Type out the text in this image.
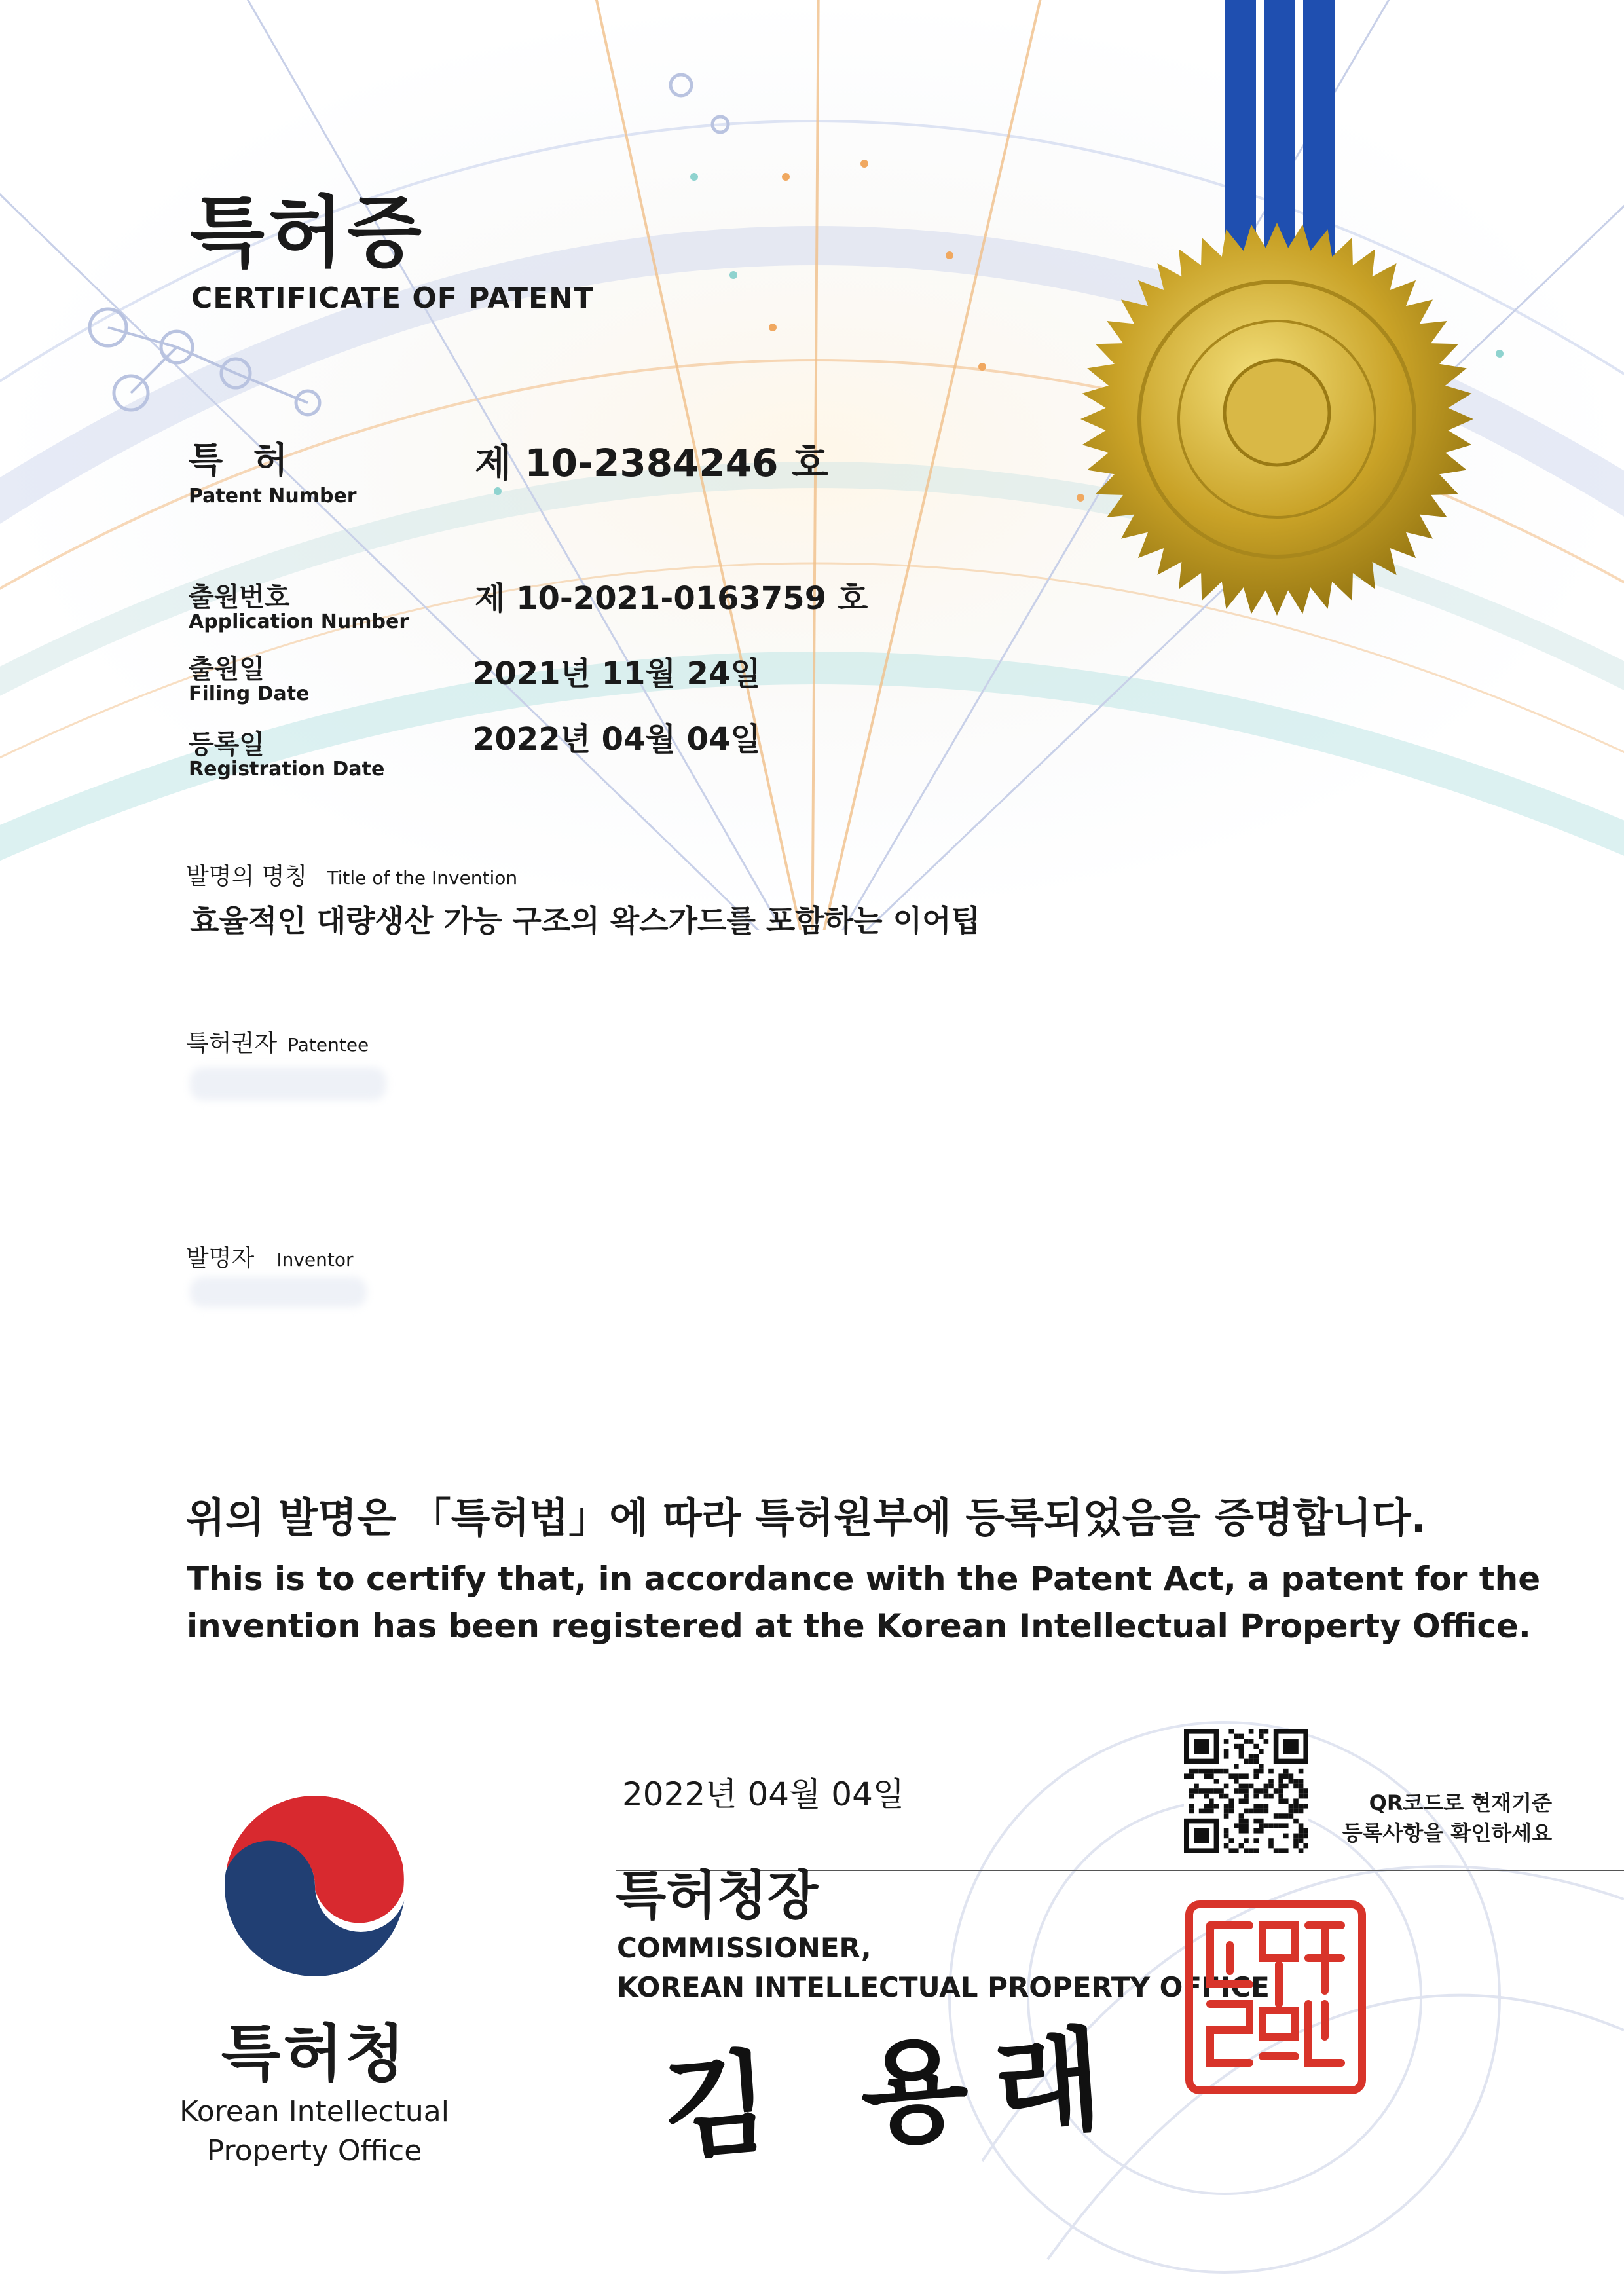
특허증
CERTIFICATE OF PATENT
특 허
Patent Number
제 10-2384246 호
출원번호
Application Number
제 10-2021-0163759 호
출원일
Filing Date
2021년 11월 24일
등록일
Registration Date
2022년 04월 04일
발명의 명칭 Title of the Invention
효율적인 대량생산 가능 구조의 왁스가드를 포함하는 이어팁
특허권자 Patentee
발명자 Inventor
위의 발명은 「특허법」에 따라 특허원부에 등록되었음을 증명합니다.
This is to certify that, in accordance with the Patent Act, a patent for the
invention has been registered at the Korean Intellectual Property Office.
2022년 04월 04일	QR코드로 현재기준
등록사항을 확인하세요
특허청장
COMMISSIONER,
KOREAN INTELLECTUAL PROPERTY OFFICE
김 용래
특허청
Korean Intellectual
Property Office
